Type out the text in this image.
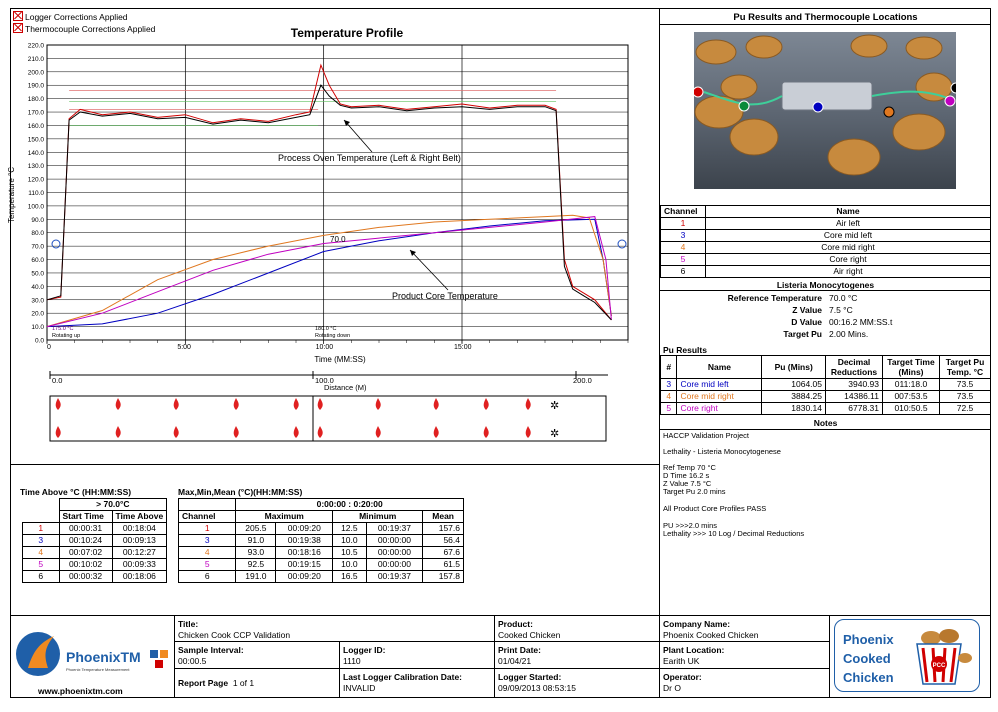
Logger Corrections Applied
Thermocouple Corrections Applied	Temperature Profile
0.0
10.0
20.0
30.0
40.0
50.0
60.0
70.0
80.0
90.0
100.0
110.0
120.0
130.0
140.0
150.0
160.0
170.0
180.0
190.0
200.0
210.0
220.0
0	5:00	10:00	15:00
Temperature °C
Time (MM:SS)
70.0
Process Oven Temperature (Left & Right Belt)
Product Core Temperature
175.0 °C
Rotating up
180.0 °C
Rotating down
0.0	100.0	200.0
Distance (M)
✲
✲
Pu Results and Thermocouple Locations
Channel	Name
1	Air left
3	Core mid left
4	Core mid right
5	Core right
6	Air right
Listeria Monocytogenes
Reference Temperature 70.0 °C
Z Value 7.5 °C
D Value 00:16.2 MM:SS.t
Target Pu 2.00 Mins.
Pu Results
#	Name	Pu (Mins)	Decimal Reductions	Target Time (Mins)	Target Pu Temp. °C
3	Core mid left	1064.05	3940.93	011:18.0	73.5
4	Core mid right	3884.25	14386.11	007:53.5	73.5
5	Core right	1830.14	6778.31	010:50.5	72.5
Notes
HACCP Validation Project
Lethality - Listeria Monocytogenese
Ref Temp 70 °C
D Time 16.2 s
Z Value 7.5 °C
Target Pu 2.0 mins
All Product Core Profiles PASS
PU >>>2.0 mins
Lethality >>> 10 Log / Decimal Reductions
Time Above °C (HH:MM:SS)
	> 70.0°C	
	Start Time	Time Above
1	00:00:31	00:18:04
3	00:10:24	00:09:13
4	00:07:02	00:12:27
5	00:10:02	00:09:33
6	00:00:32	00:18:06
Max,Min,Mean (°C)(HH:MM:SS)
	0:00:00 : 0:20:00				
Channel	Maximum		Minimum		Mean
1	205.5	00:09:20	12.5	00:19:37	157.6
3	91.0	00:19:38	10.0	00:00:00	56.4
4	93.0	00:18:16	10.5	00:00:00	67.6
5	92.5	00:19:15	10.0	00:00:00	61.5
6	191.0	00:09:20	16.5	00:19:37	157.8
PhoenixTM
Phoenix Temperature Measurement
www.phoenixtm.com
Title:
Chicken Cook CCP Validation
Product:
Cooked Chicken
Company Name:
Phoenix Cooked Chicken
Sample Interval:
00:00.5
Logger ID:
1110
Print Date:
01/04/21
Plant Location:
Earith UK
Report Page 1 of 1
Last Logger Calibration Date:
INVALID
Logger Started:
09/09/2013 08:53:15
Operator:
Dr O
Phoenix
Cooked
Chicken
PCC
